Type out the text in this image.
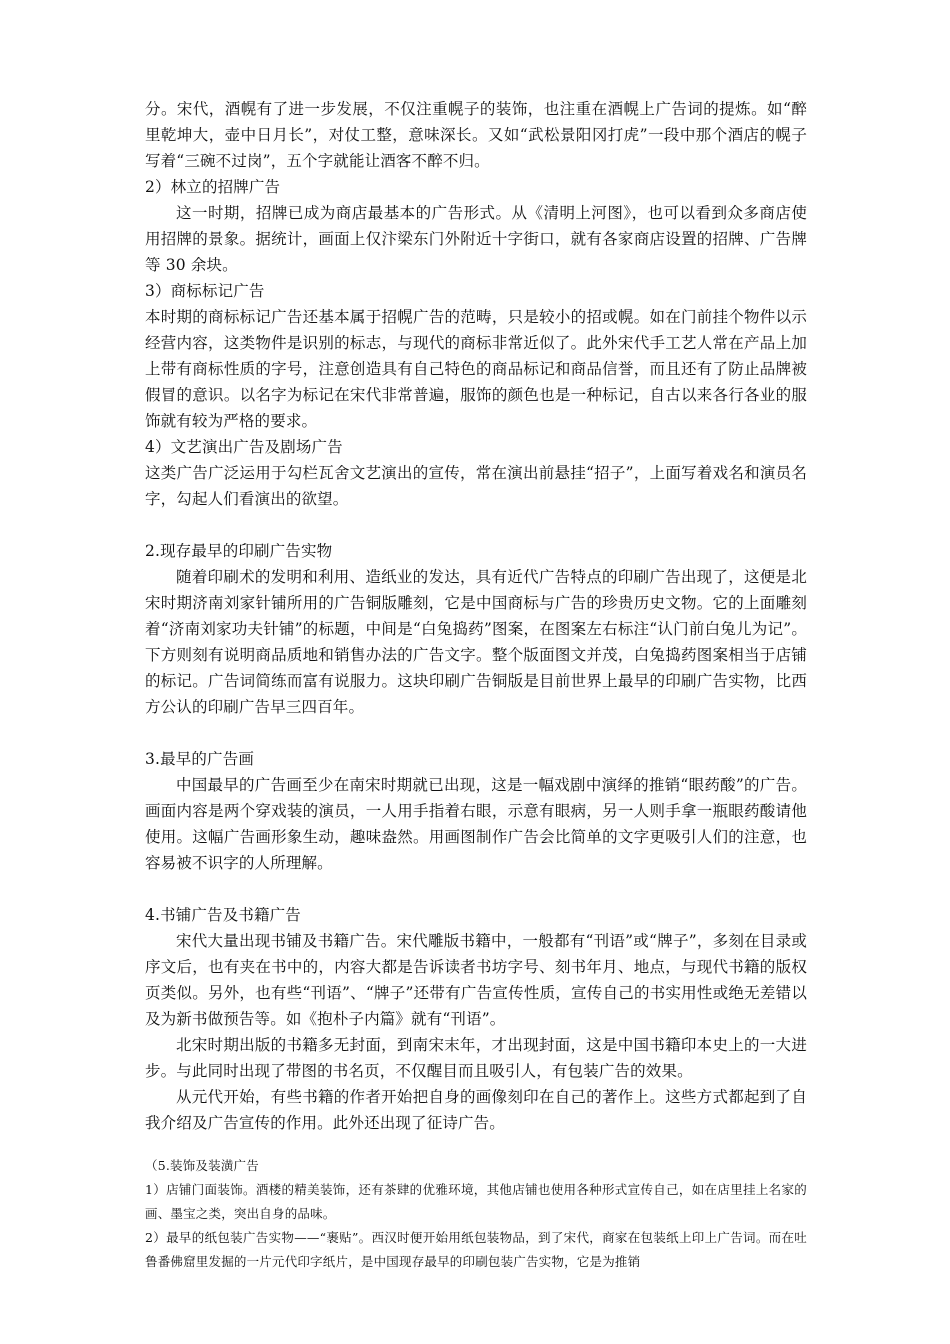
分。宋代，酒幌有了进一步发展，不仅注重幌子的装饰，也注重在酒幌上广告词的提炼。如“醉里乾坤大，壶中日月长”，对仗工整，意味深长。又如“武松景阳冈打虎”一段中那个酒店的幌子写着“三碗不过岗”，五个字就能让酒客不醉不归。

2）林立的招牌广告

这一时期，招牌已成为商店最基本的广告形式。从《清明上河图》，也可以看到众多商店使用招牌的景象。据统计，画面上仅汴梁东门外附近十字街口，就有各家商店设置的招牌、广告牌等 30 余块。

3）商标标记广告

本时期的商标标记广告还基本属于招幌广告的范畴，只是较小的招或幌。如在门前挂个物件以示经营内容，这类物件是识别的标志，与现代的商标非常近似了。此外宋代手工艺人常在产品上加上带有商标性质的字号，注意创造具有自己特色的商品标记和商品信誉，而且还有了防止品牌被假冒的意识。以名字为标记在宋代非常普遍，服饰的颜色也是一种标记，自古以来各行各业的服饰就有较为严格的要求。

4）文艺演出广告及剧场广告

这类广告广泛运用于勾栏瓦舍文艺演出的宣传，常在演出前悬挂“招子”，上面写着戏名和演员名字，勾起人们看演出的欲望。

2.现存最早的印刷广告实物

随着印刷术的发明和利用、造纸业的发达，具有近代广告特点的印刷广告出现了，这便是北宋时期济南刘家针铺所用的广告铜版雕刻，它是中国商标与广告的珍贵历史文物。它的上面雕刻着“济南刘家功夫针铺”的标题，中间是“白兔捣药”图案，在图案左右标注“认门前白兔儿为记”。下方则刻有说明商品质地和销售办法的广告文字。整个版面图文并茂，白兔捣药图案相当于店铺的标记。广告词简练而富有说服力。这块印刷广告铜版是目前世界上最早的印刷广告实物，比西方公认的印刷广告早三四百年。

3.最早的广告画

中国最早的广告画至少在南宋时期就已出现，这是一幅戏剧中演绎的推销“眼药酸”的广告。画面内容是两个穿戏装的演员，一人用手指着右眼，示意有眼病，另一人则手拿一瓶眼药酸请他使用。这幅广告画形象生动，趣味盎然。用画图制作广告会比简单的文字更吸引人们的注意，也容易被不识字的人所理解。

4.书铺广告及书籍广告

宋代大量出现书铺及书籍广告。宋代雕版书籍中，一般都有“刊语”或“牌子”，多刻在目录或序文后，也有夹在书中的，内容大都是告诉读者书坊字号、刻书年月、地点，与现代书籍的版权页类似。另外，也有些“刊语”、“牌子”还带有广告宣传性质，宣传自己的书实用性或绝无差错以及为新书做预告等。如《抱朴子内篇》就有“刊语”。

北宋时期出版的书籍多无封面，到南宋末年，才出现封面，这是中国书籍印本史上的一大进步。与此同时出现了带图的书名页，不仅醒目而且吸引人，有包装广告的效果。

从元代开始，有些书籍的作者开始把自身的画像刻印在自己的著作上。这些方式都起到了自我介绍及广告宣传的作用。此外还出现了征诗广告。

（5.装饰及装潢广告

1）店铺门面装饰。酒楼的精美装饰，还有茶肆的优雅环境，其他店铺也使用各种形式宣传自己，如在店里挂上名家的画、墨宝之类，突出自身的品味。

2）最早的纸包装广告实物——“裹贴”。西汉时便开始用纸包装物品，到了宋代，商家在包装纸上印上广告词。而在吐鲁番佛窟里发掘的一片元代印字纸片，是中国现存最早的印刷包装广告实物，它是为推销
